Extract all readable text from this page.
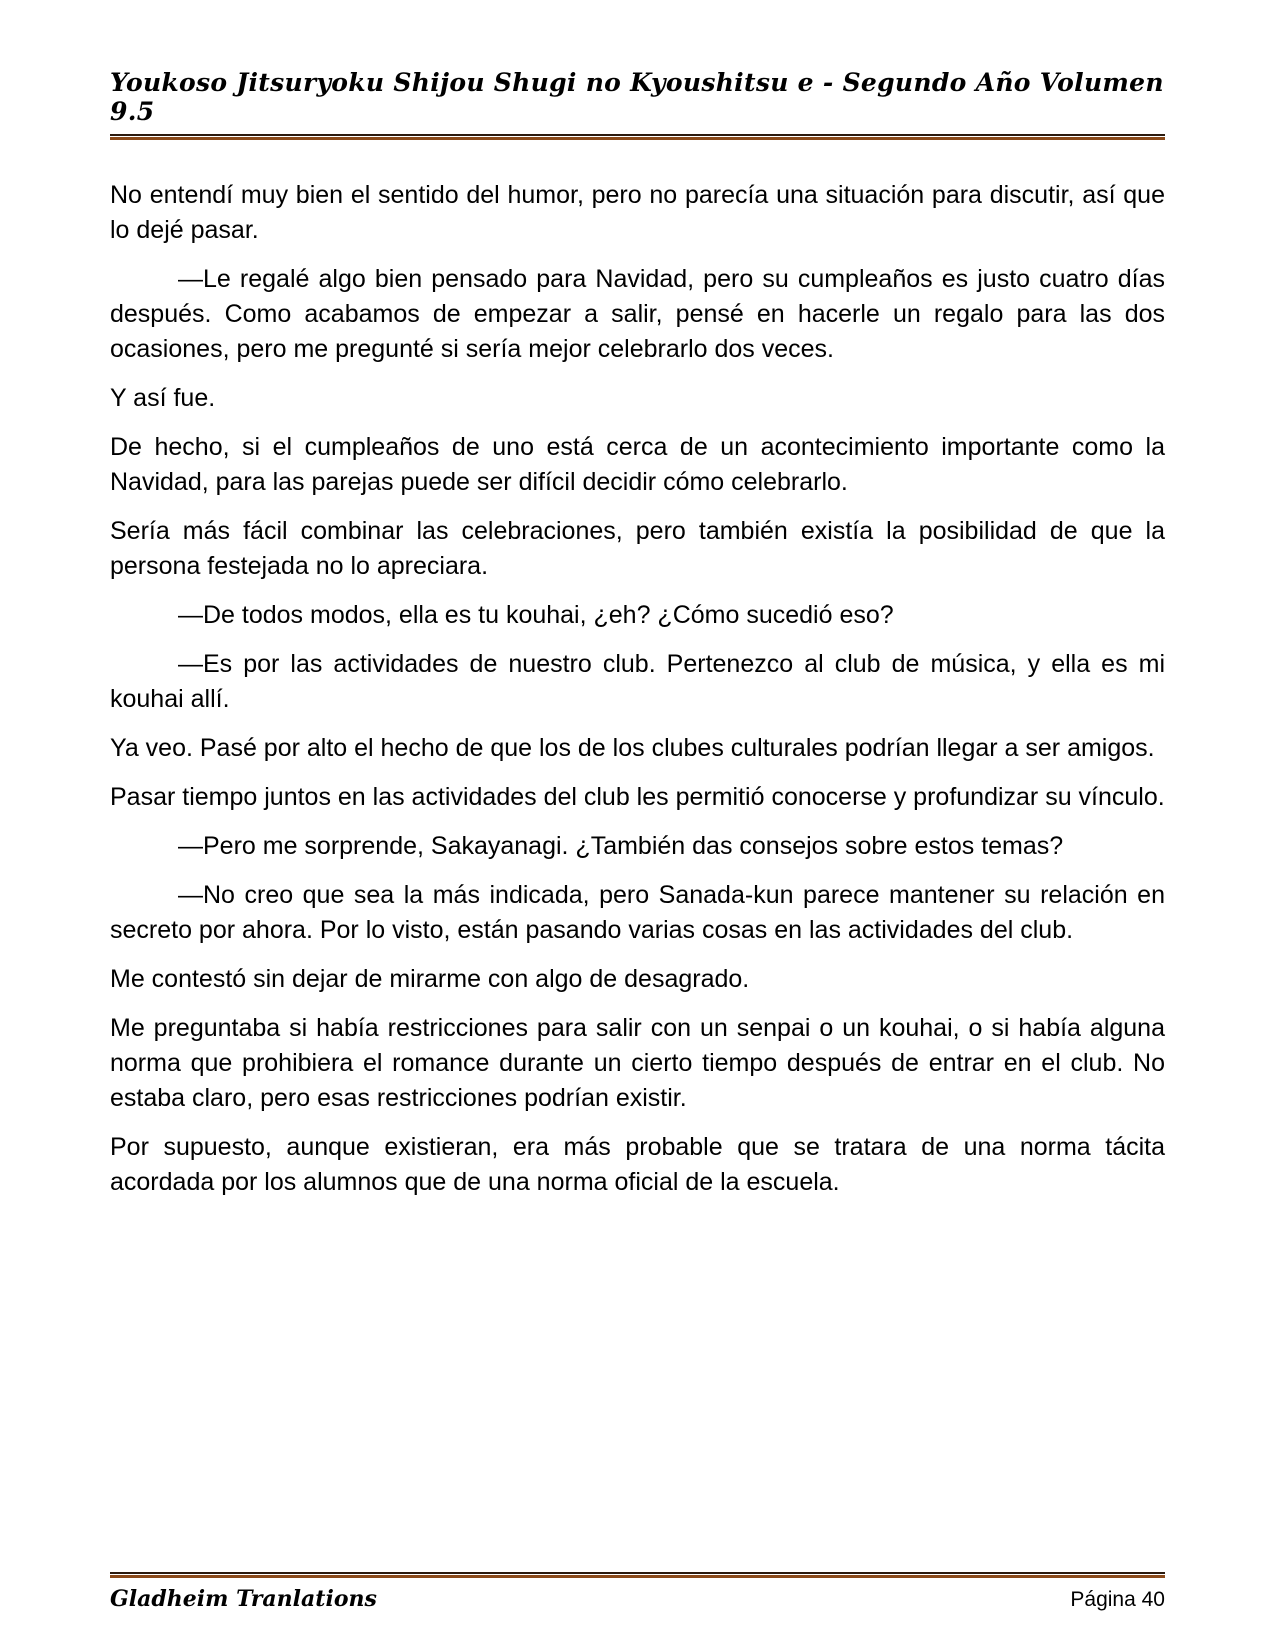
Youkoso Jitsuryoku Shijou Shugi no Kyoushitsu e - Segundo Año Volumen 9.5

No entendí muy bien el sentido del humor, pero no parecía una situación para discutir, así que lo dejé pasar.

—Le regalé algo bien pensado para Navidad, pero su cumpleaños es justo cuatro días después. Como acabamos de empezar a salir, pensé en hacerle un regalo para las dos ocasiones, pero me pregunté si sería mejor celebrarlo dos veces.

Y así fue.

De hecho, si el cumpleaños de uno está cerca de un acontecimiento importante como la Navidad, para las parejas puede ser difícil decidir cómo celebrarlo.

Sería más fácil combinar las celebraciones, pero también existía la posibilidad de que la persona festejada no lo apreciara.

—De todos modos, ella es tu kouhai, ¿eh? ¿Cómo sucedió eso?

—Es por las actividades de nuestro club. Pertenezco al club de música, y ella es mi kouhai allí.

Ya veo. Pasé por alto el hecho de que los de los clubes culturales podrían llegar a ser amigos.

Pasar tiempo juntos en las actividades del club les permitió conocerse y profundizar su vínculo.

—Pero me sorprende, Sakayanagi. ¿También das consejos sobre estos temas?

—No creo que sea la más indicada, pero Sanada-kun parece mantener su relación en secreto por ahora. Por lo visto, están pasando varias cosas en las actividades del club.

Me contestó sin dejar de mirarme con algo de desagrado.

Me preguntaba si había restricciones para salir con un senpai o un kouhai, o si había alguna norma que prohibiera el romance durante un cierto tiempo después de entrar en el club. No estaba claro, pero esas restricciones podrían existir.

Por supuesto, aunque existieran, era más probable que se tratara de una norma tácita acordada por los alumnos que de una norma oficial de la escuela.

Gladheim Tranlations	Página 40
